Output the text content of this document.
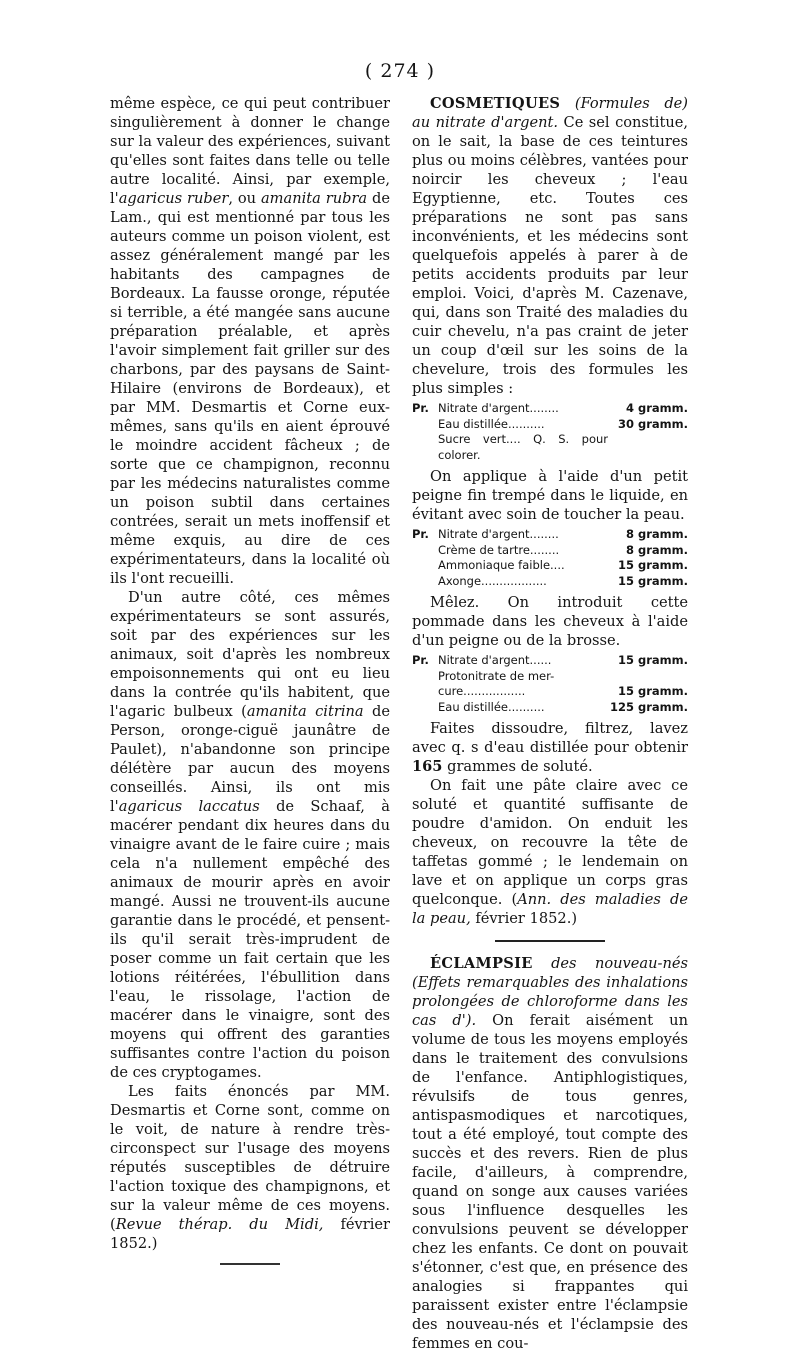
( 274 )

même espèce, ce qui peut contribuer singulièrement à donner le change sur la valeur des expériences, suivant qu'elles sont faites dans telle ou telle autre localité. Ainsi, par exemple, l'agaricus ruber, ou amanita rubra de Lam., qui est mentionné par tous les auteurs comme un poison violent, est assez généralement mangé par les habitants des campagnes de Bordeaux. La fausse oronge, réputée si terrible, a été mangée sans aucune préparation préalable, et après l'avoir simplement fait griller sur des charbons, par des paysans de Saint-Hilaire (environs de Bordeaux), et par MM. Desmartis et Corne eux-mêmes, sans qu'ils en aient éprouvé le moindre accident fâcheux ; de sorte que ce champignon, reconnu par les médecins naturalistes comme un poison subtil dans certaines contrées, serait un mets inoffensif et même exquis, au dire de ces expérimentateurs, dans la localité où ils l'ont recueilli.

D'un autre côté, ces mêmes expérimentateurs se sont assurés, soit par des expériences sur les animaux, soit d'après les nombreux empoisonnements qui ont eu lieu dans la contrée qu'ils habitent, que l'agaric bulbeux (amanita citrina de Person, oronge-ciguë jaunâtre de Paulet), n'abandonne son principe délétère par aucun des moyens conseillés. Ainsi, ils ont mis l'agaricus laccatus de Schaaf, à macérer pendant dix heures dans du vinaigre avant de le faire cuire ; mais cela n'a nullement empêché des animaux de mourir après en avoir mangé. Aussi ne trouvent-ils aucune garantie dans le procédé, et pensent-ils qu'il serait très-imprudent de poser comme un fait certain que les lotions réitérées, l'ébullition dans l'eau, le rissolage, l'action de macérer dans le vinaigre, sont des moyens qui offrent des garanties suffisantes contre l'action du poison de ces cryptogames.

Les faits énoncés par MM. Desmartis et Corne sont, comme on le voit, de nature à rendre très-circonspect sur l'usage des moyens réputés susceptibles de détruire l'action toxique des champignons, et sur la valeur même de ces moyens. (Revue thérap. du Midi, février 1852.)

COSMETIQUES (Formules de) au nitrate d'argent. Ce sel constitue, on le sait, la base de ces teintures plus ou moins célèbres, vantées pour noircir les cheveux ; l'eau Egyptienne, etc. Toutes ces préparations ne sont pas sans inconvénients, et les médecins sont quelquefois appelés à parer à de petits accidents produits par leur emploi. Voici, d'après M. Cazenave, qui, dans son Traité des maladies du cuir chevelu, n'a pas craint de jeter un coup d'œil sur les soins de la chevelure, trois des formules les plus simples :

Pr. Nitrate d'argent........	4 gramm.
Eau distillée..........	30 gramm.
Sucre vert.... Q. S. pour colorer.

On applique à l'aide d'un petit peigne fin trempé dans le liquide, en évitant avec soin de toucher la peau.

Pr. Nitrate d'argent........	8 gramm.
Crème de tartre........	8 gramm.
Ammoniaque faible....	15 gramm.
Axonge..................	15 gramm.

Mêlez. On introduit cette pommade dans les cheveux à l'aide d'un peigne ou de la brosse.

Pr. Nitrate d'argent......	15 gramm.
Protonitrate de mer-
cure.................	15 gramm.
Eau distillée..........	125 gramm.

Faites dissoudre, filtrez, lavez avec q. s d'eau distillée pour obtenir 165 grammes de soluté.

On fait une pâte claire avec ce soluté et quantité suffisante de poudre d'amidon. On enduit les cheveux, on recouvre la tête de taffetas gommé ; le lendemain on lave et on applique un corps gras quelconque. (Ann. des maladies de la peau, février 1852.)

ÉCLAMPSIE des nouveau-nés (Effets remarquables des inhalations prolongées de chloroforme dans les cas d'). On ferait aisément un volume de tous les moyens employés dans le traitement des convulsions de l'enfance. Antiphlogistiques, révulsifs de tous genres, antispasmodiques et narcotiques, tout a été employé, tout compte des succès et des revers. Rien de plus facile, d'ailleurs, à comprendre, quand on songe aux causes variées sous l'influence desquelles les convulsions peuvent se développer chez les enfants. Ce dont on pouvait s'étonner, c'est que, en présence des analogies si frappantes qui paraissent exister entre l'éclampsie des nouveau-nés et l'éclampsie des femmes en cou-
